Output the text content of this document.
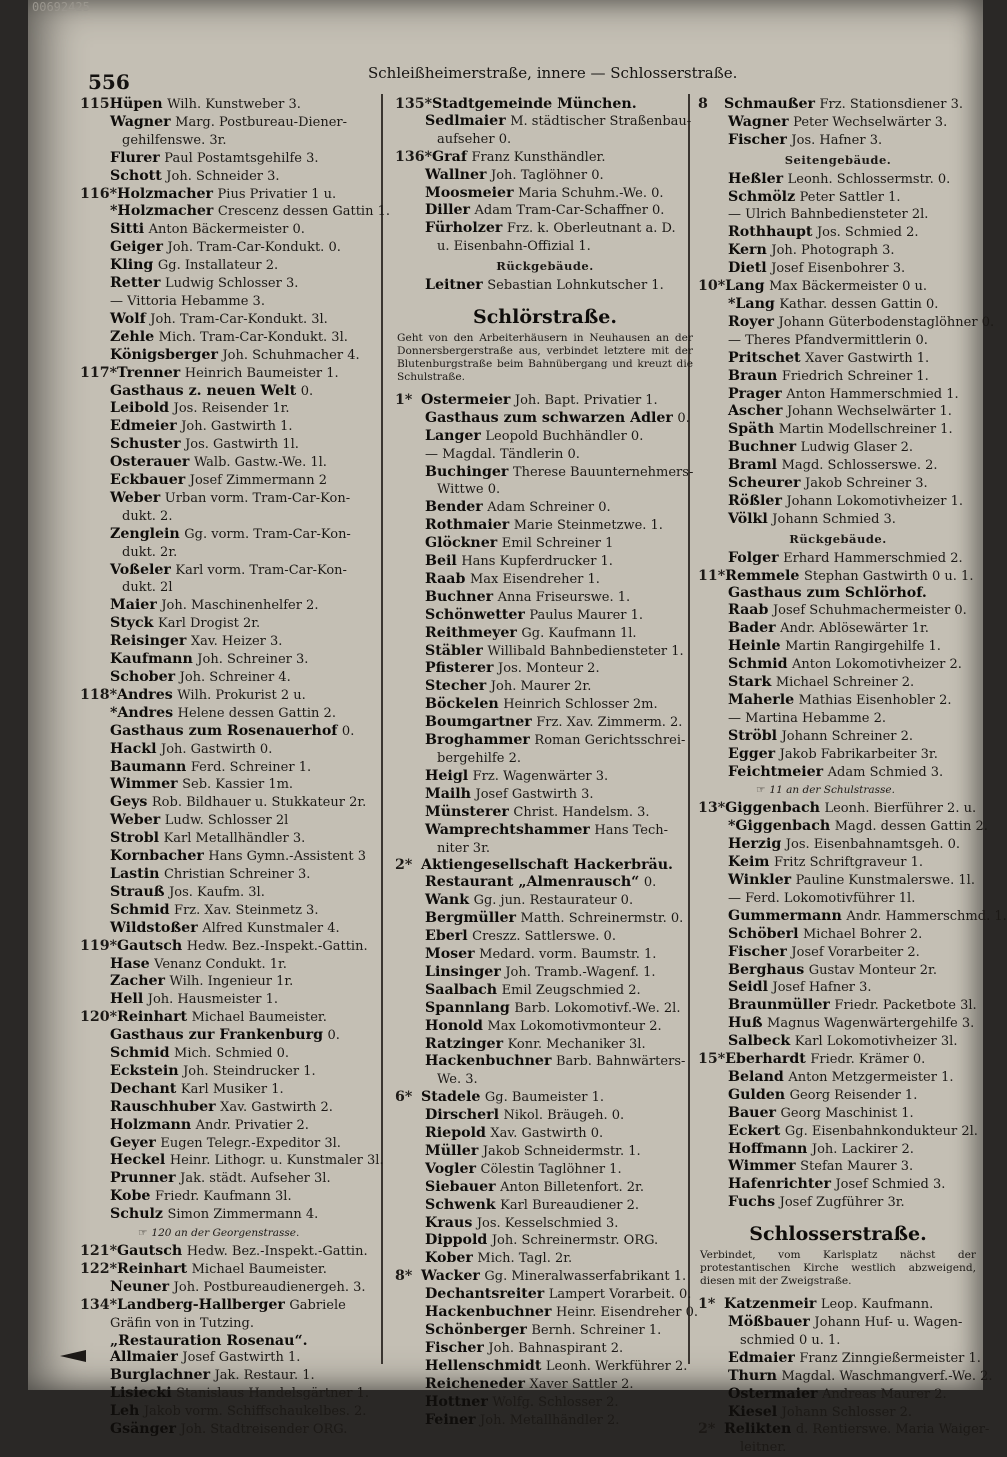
00692425
556	Schleißheimerstraße, innere — Schlosserstraße.
115Hüpen Wilh. Kunstweber 3.
Wagner Marg. Postbureau-Diener-
gehilfenswe. 3r.
Flurer Paul Postamtsgehilfe 3.
Schott Joh. Schneider 3.
116*Holzmacher Pius Privatier 1 u.
*Holzmacher Crescenz dessen Gattin 1.
Sitti Anton Bäckermeister 0.
Geiger Joh. Tram-Car-Kondukt. 0.
Kling Gg. Installateur 2.
Retter Ludwig Schlosser 3.
— Vittoria Hebamme 3.
Wolf Joh. Tram-Car-Kondukt. 3l.
Zehle Mich. Tram-Car-Kondukt. 3l.
Königsberger Joh. Schuhmacher 4.
117*Trenner Heinrich Baumeister 1.
Gasthaus z. neuen Welt 0.
Leibold Jos. Reisender 1r.
Edmeier Joh. Gastwirth 1.
Schuster Jos. Gastwirth 1l.
Osterauer Walb. Gastw.-We. 1l.
Eckbauer Josef Zimmermann 2
Weber Urban vorm. Tram-Car-Kon-
dukt. 2.
Zenglein Gg. vorm. Tram-Car-Kon-
dukt. 2r.
Voßeler Karl vorm. Tram-Car-Kon-
dukt. 2l
Maier Joh. Maschinenhelfer 2.
Styck Karl Drogist 2r.
Reisinger Xav. Heizer 3.
Kaufmann Joh. Schreiner 3.
Schober Joh. Schreiner 4.
118*Andres Wilh. Prokurist 2 u.
*Andres Helene dessen Gattin 2.
Gasthaus zum Rosenauerhof 0.
Hackl Joh. Gastwirth 0.
Baumann Ferd. Schreiner 1.
Wimmer Seb. Kassier 1m.
Geys Rob. Bildhauer u. Stukkateur 2r.
Weber Ludw. Schlosser 2l
Strobl Karl Metallhändler 3.
Kornbacher Hans Gymn.-Assistent 3
Lastin Christian Schreiner 3.
Strauß Jos. Kaufm. 3l.
Schmid Frz. Xav. Steinmetz 3.
Wildstoßer Alfred Kunstmaler 4.
119*Gautsch Hedw. Bez.-Inspekt.-Gattin.
Hase Venanz Condukt. 1r.
Zacher Wilh. Ingenieur 1r.
Hell Joh. Hausmeister 1.
120*Reinhart Michael Baumeister.
Gasthaus zur Frankenburg 0.
Schmid Mich. Schmied 0.
Eckstein Joh. Steindrucker 1.
Dechant Karl Musiker 1.
Rauschhuber Xav. Gastwirth 2.
Holzmann Andr. Privatier 2.
Geyer Eugen Telegr.-Expeditor 3l.
Heckel Heinr. Lithogr. u. Kunstmaler 3l.
Prunner Jak. städt. Aufseher 3l.
Kobe Friedr. Kaufmann 3l.
Schulz Simon Zimmermann 4.
☞ 120 an der Georgenstrasse.
121*Gautsch Hedw. Bez.-Inspekt.-Gattin.
122*Reinhart Michael Baumeister.
Neuner Joh. Postbureaudienergeh. 3.
134*Landberg-Hallberger Gabriele
Gräfin von in Tutzing.
„Restauration Rosenau“.
Allmaier Josef Gastwirth 1.
Burglachner Jak. Restaur. 1.
Lisiecki Stanislaus Handelsgärtner 1.
Leh Jakob vorm. Schiffschaukelbes. 2.
Gsänger Joh. Stadtreisender ORG.
135*Stadtgemeinde München.
Sedlmaier M. städtischer Straßenbau-
aufseher 0.
136*Graf Franz Kunsthändler.
Wallner Joh. Taglöhner 0.
Moosmeier Maria Schuhm.-We. 0.
Diller Adam Tram-Car-Schaffner 0.
Fürholzer Frz. k. Oberleutnant a. D.
u. Eisenbahn-Offizial 1.
Rückgebäude.
Leitner Sebastian Lohnkutscher 1.
Schlörstraße.
Geht von den Arbeiterhäusern in Neuhausen an der Donnersbergerstraße aus, verbindet letztere mit der Blutenburgstraße beim Bahnübergang und kreuzt die Schulstraße.
1* Ostermeier Joh. Bapt. Privatier 1.
Gasthaus zum schwarzen Adler 0.
Langer Leopold Buchhändler 0.
— Magdal. Tändlerin 0.
Buchinger Therese Bauunternehmers-
Wittwe 0.
Bender Adam Schreiner 0.
Rothmaier Marie Steinmetzwe. 1.
Glöckner Emil Schreiner 1
Beil Hans Kupferdrucker 1.
Raab Max Eisendreher 1.
Buchner Anna Friseurswe. 1.
Schönwetter Paulus Maurer 1.
Reithmeyer Gg. Kaufmann 1l.
Stäbler Willibald Bahnbediensteter 1.
Pfisterer Jos. Monteur 2.
Stecher Joh. Maurer 2r.
Böckelen Heinrich Schlosser 2m.
Boumgartner Frz. Xav. Zimmerm. 2.
Broghammer Roman Gerichtsschrei-
bergehilfe 2.
Heigl Frz. Wagenwärter 3.
Mailh Josef Gastwirth 3.
Münsterer Christ. Handelsm. 3.
Wamprechtshammer Hans Tech-
niter 3r.
2* Aktiengesellschaft Hackerbräu.
Restaurant „Almenrausch“ 0.
Wank Gg. jun. Restaurateur 0.
Bergmüller Matth. Schreinermstr. 0.
Eberl Creszz. Sattlerswe. 0.
Moser Medard. vorm. Baumstr. 1.
Linsinger Joh. Tramb.-Wagenf. 1.
Saalbach Emil Zeugschmied 2.
Spannlang Barb. Lokomotivf.-We. 2l.
Honold Max Lokomotivmonteur 2.
Ratzinger Konr. Mechaniker 3l.
Hackenbuchner Barb. Bahnwärters-
We. 3.
6* Stadele Gg. Baumeister 1.
Dirscherl Nikol. Bräugeh. 0.
Riepold Xav. Gastwirth 0.
Müller Jakob Schneidermstr. 1.
Vogler Cölestin Taglöhner 1.
Siebauer Anton Billetenfort. 2r.
Schwenk Karl Bureaudiener 2.
Kraus Jos. Kesselschmied 3.
Dippold Joh. Schreinermstr. ORG.
Kober Mich. Tagl. 2r.
8* Wacker Gg. Mineralwasserfabrikant 1.
Dechantsreiter Lampert Vorarbeit. 0.
Hackenbuchner Heinr. Eisendreher 0.
Schönberger Bernh. Schreiner 1.
Fischer Joh. Bahnaspirant 2.
Hellenschmidt Leonh. Werkführer 2.
Reicheneder Xaver Sattler 2.
Hottner Wolfg. Schlosser 2.
Feiner Joh. Metallhändler 2.
8 Schmaußer Frz. Stationsdiener 3.
Wagner Peter Wechselwärter 3.
Fischer Jos. Hafner 3.
Seitengebäude.
Heßler Leonh. Schlossermstr. 0.
Schmölz Peter Sattler 1.
— Ulrich Bahnbediensteter 2l.
Rothhaupt Jos. Schmied 2.
Kern Joh. Photograph 3.
Dietl Josef Eisenbohrer 3.
10*Lang Max Bäckermeister 0 u.
*Lang Kathar. dessen Gattin 0.
Royer Johann Güterbodenstaglöhner 0.
— Theres Pfandvermittlerin 0.
Pritschet Xaver Gastwirth 1.
Braun Friedrich Schreiner 1.
Prager Anton Hammerschmied 1.
Ascher Johann Wechselwärter 1.
Späth Martin Modellschreiner 1.
Buchner Ludwig Glaser 2.
Braml Magd. Schlosserswe. 2.
Scheurer Jakob Schreiner 3.
Rößler Johann Lokomotivheizer 1.
Völkl Johann Schmied 3.
Rückgebäude.
Folger Erhard Hammerschmied 2.
11*Remmele Stephan Gastwirth 0 u. 1.
Gasthaus zum Schlörhof.
Raab Josef Schuhmachermeister 0.
Bader Andr. Ablösewärter 1r.
Heinle Martin Rangirgehilfe 1.
Schmid Anton Lokomotivheizer 2.
Stark Michael Schreiner 2.
Maherle Mathias Eisenhobler 2.
— Martina Hebamme 2.
Ströbl Johann Schreiner 2.
Egger Jakob Fabrikarbeiter 3r.
Feichtmeier Adam Schmied 3.
☞ 11 an der Schulstrasse.
13*Giggenbach Leonh. Bierführer 2. u.
*Giggenbach Magd. dessen Gattin 2.
Herzig Jos. Eisenbahnamtsgeh. 0.
Keim Fritz Schriftgraveur 1.
Winkler Pauline Kunstmalerswe. 1l.
— Ferd. Lokomotivführer 1l.
Gummermann Andr. Hammerschmd. 1.
Schöberl Michael Bohrer 2.
Fischer Josef Vorarbeiter 2.
Berghaus Gustav Monteur 2r.
Seidl Josef Hafner 3.
Braunmüller Friedr. Packetbote 3l.
Huß Magnus Wagenwärtergehilfe 3.
Salbeck Karl Lokomotivheizer 3l.
15*Eberhardt Friedr. Krämer 0.
Beland Anton Metzgermeister 1.
Gulden Georg Reisender 1.
Bauer Georg Maschinist 1.
Eckert Gg. Eisenbahnkondukteur 2l.
Hoffmann Joh. Lackirer 2.
Wimmer Stefan Maurer 3.
Hafenrichter Josef Schmied 3.
Fuchs Josef Zugführer 3r.
Schlosserstraße.
Verbindet, vom Karlsplatz nächst der protestantischen Kirche westlich abzweigend, diesen mit der Zweigstraße.
1* Katzenmeir Leop. Kaufmann.
Mößbauer Johann Huf- u. Wagen-
schmied 0 u. 1.
Edmaier Franz Zinngießermeister 1.
Thurn Magdal. Waschmangverf.-We. 2.
Ostermaier Andreas Maurer 2.
Kiesel Johann Schlosser 2.
2* Relikten d. Rentierswe. Maria Waiger-
leitner.
